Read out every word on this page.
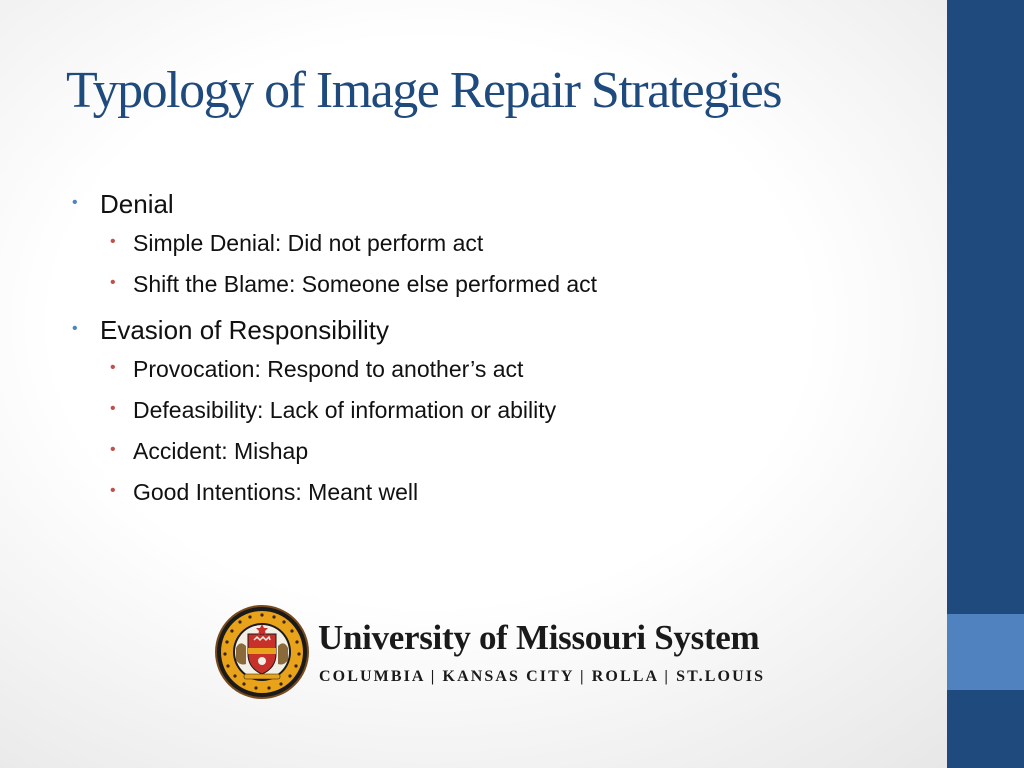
Typology of Image Repair Strategies
• Denial
• Simple Denial: Did not perform act
• Shift the Blame: Someone else performed act
• Evasion of Responsibility
• Provocation: Respond to another’s act
• Defeasibility: Lack of information or ability
• Accident: Mishap
• Good Intentions: Meant well
University of Missouri System
COLUMBIA | KANSAS CITY | ROLLA | ST.LOUIS
